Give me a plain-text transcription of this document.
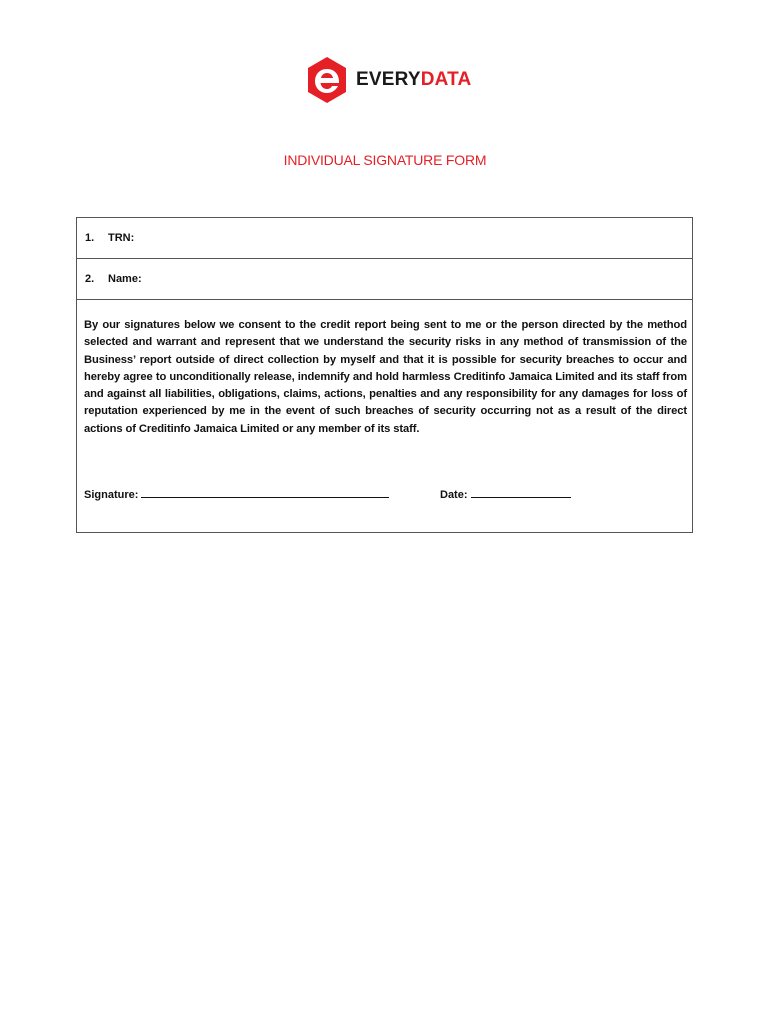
EVERYDATA
INDIVIDUAL SIGNATURE FORM
1. TRN:
2. Name:

By our signatures below we consent to the credit report being sent to me or the person directed by the method selected and warrant and represent that we understand the security risks in any method of transmission of the Business’ report outside of direct collection by myself and that it is possible for security breaches to occur and hereby agree to unconditionally release, indemnify and hold harmless Creditinfo Jamaica Limited and its staff from and against all liabilities, obligations, claims, actions, penalties and any responsibility for any damages for loss of reputation experienced by me in the event of such breaches of security occurring not as a result of the direct actions of Creditinfo Jamaica Limited or any member of its staff.

Signature:	Date:
